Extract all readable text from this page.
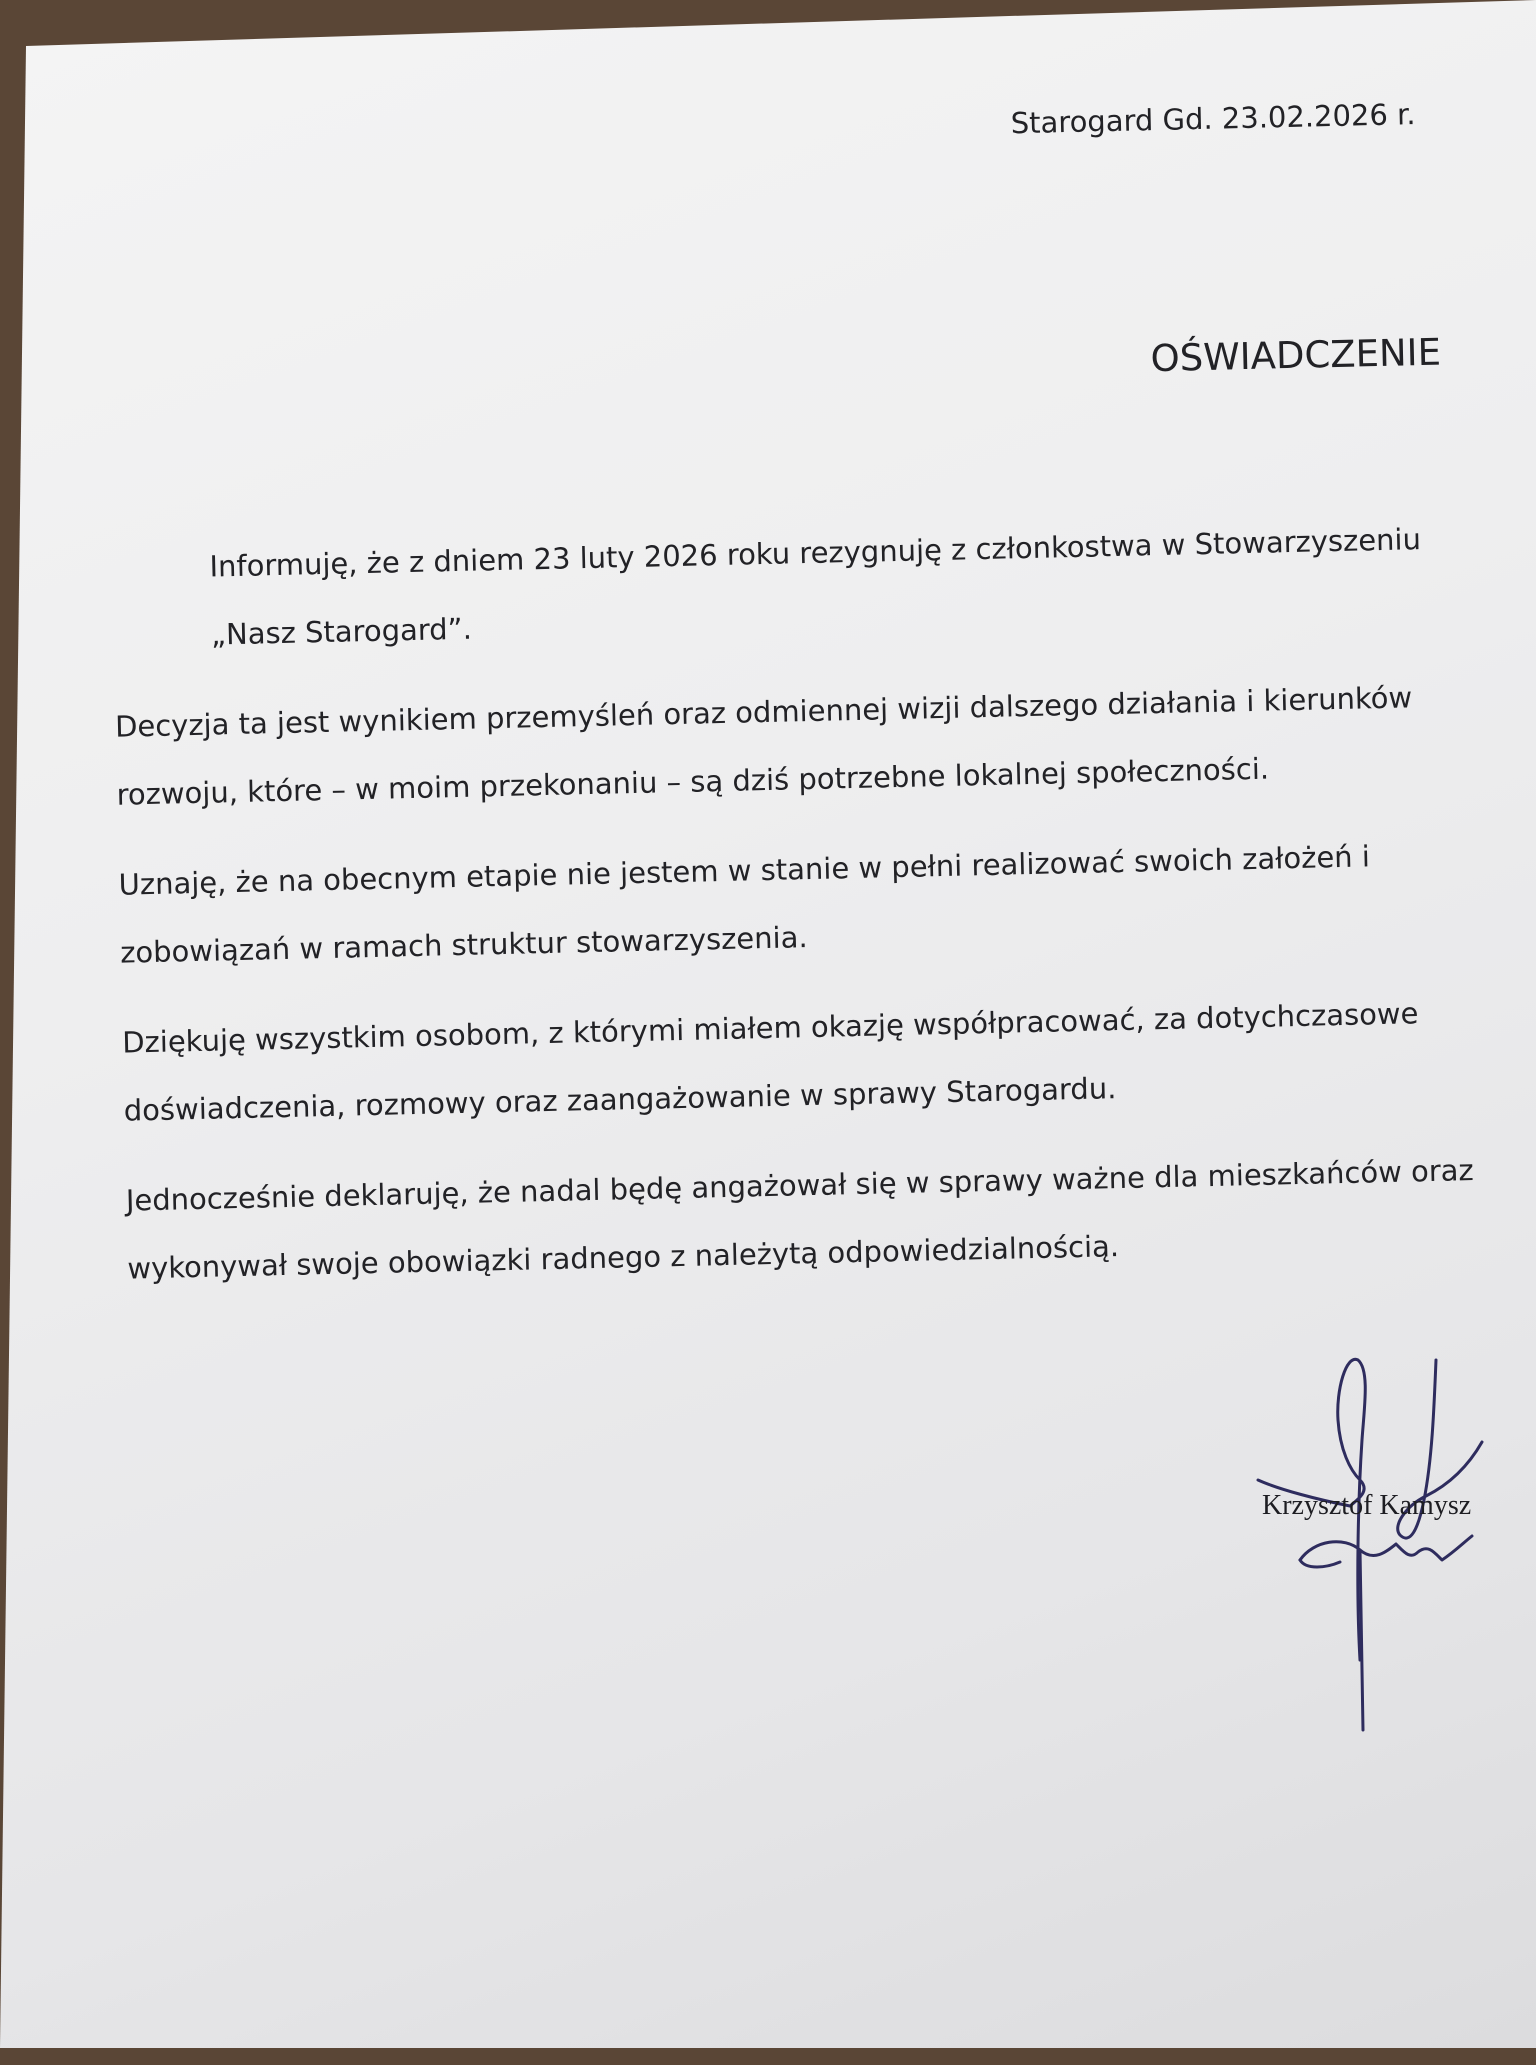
Starogard Gd. 23.02.2026 r.
OŚWIADCZENIE
Informuję, że z dniem 23 luty 2026 roku rezygnuję z członkostwa w Stowarzyszeniu
„Nasz Starogard”.
Decyzja ta jest wynikiem przemyśleń oraz odmiennej wizji dalszego działania i kierunków
rozwoju, które – w moim przekonaniu – są dziś potrzebne lokalnej społeczności.
Uznaję, że na obecnym etapie nie jestem w stanie w pełni realizować swoich założeń i
zobowiązań w ramach struktur stowarzyszenia.
Dziękuję wszystkim osobom, z którymi miałem okazję współpracować, za dotychczasowe
doświadczenia, rozmowy oraz zaangażowanie w sprawy Starogardu.
Jednocześnie deklaruję, że nadal będę angażował się w sprawy ważne dla mieszkańców oraz
wykonywał swoje obowiązki radnego z należytą odpowiedzialnością.
Krzysztof Kamysz
